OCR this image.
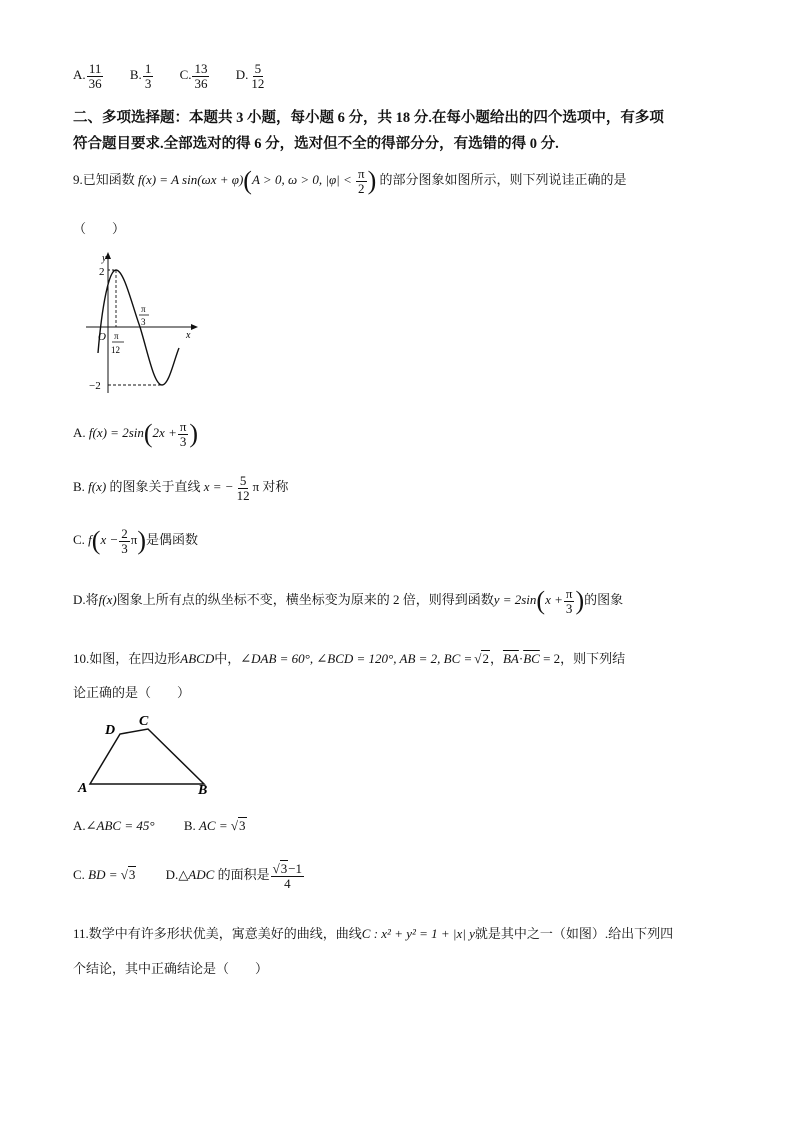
A. $\frac{11}{36} B$. $\frac{1}{3} C$. $\frac{13}{36} D$. $\frac{5}{12}$
二、多项选择题：本题共 3 小题，每小题 6 分，共 18 分.在每小题给出的四个选项中，有多项
符合题目要求.全部选对的得 6 分，选对但不全的得部分分，有选错的得 0 分.
9.已知函数 f(x) = A sin(ωx + φ)(A > 0, ω > 0, $|\varphi| < \frac{\pi}{2}$ ) 的部分图象如图所示，则下列说诖正确的是
（　　）
y
x
O
2
−2
π
12
π
3
A. $f(x) = 2\sin(2x + \frac{\pi}{3}$ )
B. f(x) 的图象关于直线 x = − $\frac{5}{12}$ π 对称
C. $f(x - \frac{2}{3} \pi)$是偶函数
D.将f(x)图象上所有点的纵坐标不变，横坐标变为原来的 2 倍，则得到函数$y = 2\sin(x + \frac{\pi}{3}$ )的图象
10.如图，在四边形ABCD中，∠DAB = 60°, ∠BCD = 120°, AB = 2, BC = √2，$\overline{BA}\cdot\overline{BC} = 2$，则下列结
论正确的是（　　）
D
C
A	B
A.∠ABC = 45° B. AC = √3
C. BD = √3 D.△ADC 的面积是 $\frac{√3-1}{4}$
11.数学中有许多形状优美，寓意美好的曲线，曲线C : x² + y² = 1 + |x| y就是其中之一（如图）.给出下列四
个结论，其中正确结论是（　　）
